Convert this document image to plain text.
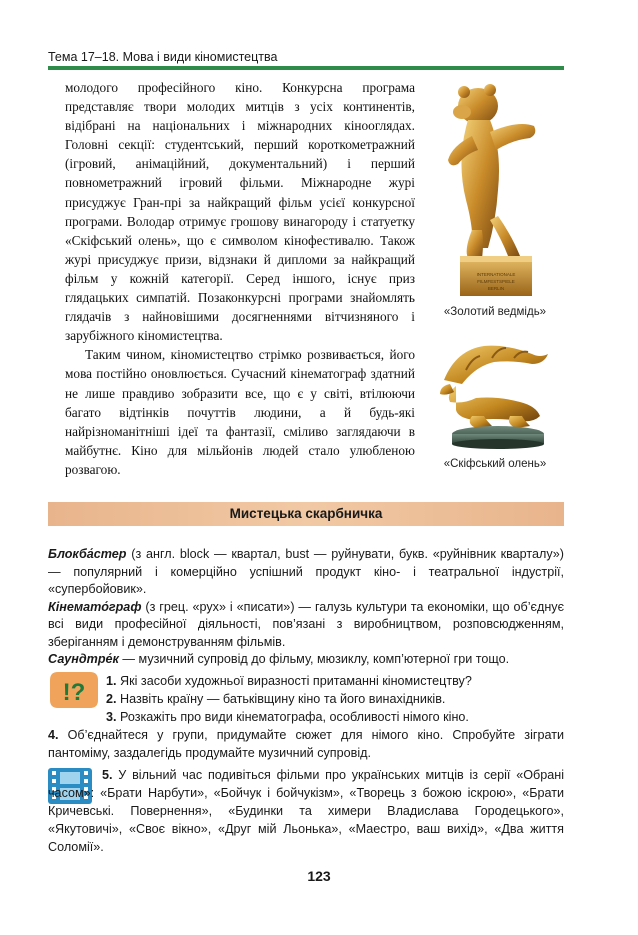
Тема 17–18. Мова і види кіномистецтва

молодого професійного кіно. Конкурсна програма представляє твори молодих митців з усіх континентів, відібрані на національних і міжнародних кінооглядах. Головні секції: студентський, перший короткометражний (ігровий, анімаційний, документальний) і перший повнометражний ігровий фільми. Міжнародне журі присуджує Гран-прі за найкращий фільм усієї конкурсної програми. Володар отримує грошову винагороду і статуетку «Скіфський олень», що є символом кінофестивалю. Також журі присуджує призи, відзнаки й дипломи за найкращий фільм у кожній категорії. Серед іншого, існує приз глядацьких симпатій. Позаконкурсні програми знайомлять глядачів з найновішими досягненнями вітчизняного і зарубіжного кіномистецтва.

Таким чином, кіномистецтво стрімко розвивається, його мова постійно оновлюється. Сучасний кінематограф здатний не лише правдиво зобразити все, що є у світі, втілюючи багато відтінків почуттів людини, а й будь-які найрізноманітніші ідеї та фантазії, сміливо заглядаючи в майбутнє. Кіно для мільйонів людей стало улюбленою розвагою.

INTERNATIONALE
FILMFESTSPIELE
BERLIN
«Золотий ведмідь»
«Скіфський олень»
Мистецька скарбничка

Блокба́стер (з англ. block — квартал, bust — руйнувати, букв. «руйнівник кварталу») — популярний і комерційно успішний продукт кіно- і театральної індустрії, «супербойовик».

Кінемато́граф (з грец. «рух» і «писати») — галузь культури та економіки, що об’єднує всі види професійної діяльності, пов’язані з виробництвом, розповсюдженням, зберіганням і демонструванням фільмів.

Саундтре́к — музичний супровід до фільму, мюзиклу, комп’ютерної гри тощо.

!? 1. Які засоби художньої виразності притаманні кіномистецтву?

2. Назвіть країну — батьківщину кіно та його винахідників.

3. Розкажіть про види кінематографа, особливості німого кіно.

4. Об’єднайтеся у групи, придумайте сюжет для німого кіно. Спробуйте зіграти пантоміму, заздалегідь продумайте музичний супровід.

5. У вільний час подивіться фільми про українських митців із серії «Обрані часом»: «Брати Нарбути», «Бойчук і бойчукізм», «Творець з божою іскрою», «Брати Кричевські. Повернення», «Будинки та химери Владислава Городецького», «Якутовичі», «Своє вікно», «Друг мій Льонька», «Маестро, ваш вихід», «Два життя Соломії».

123
